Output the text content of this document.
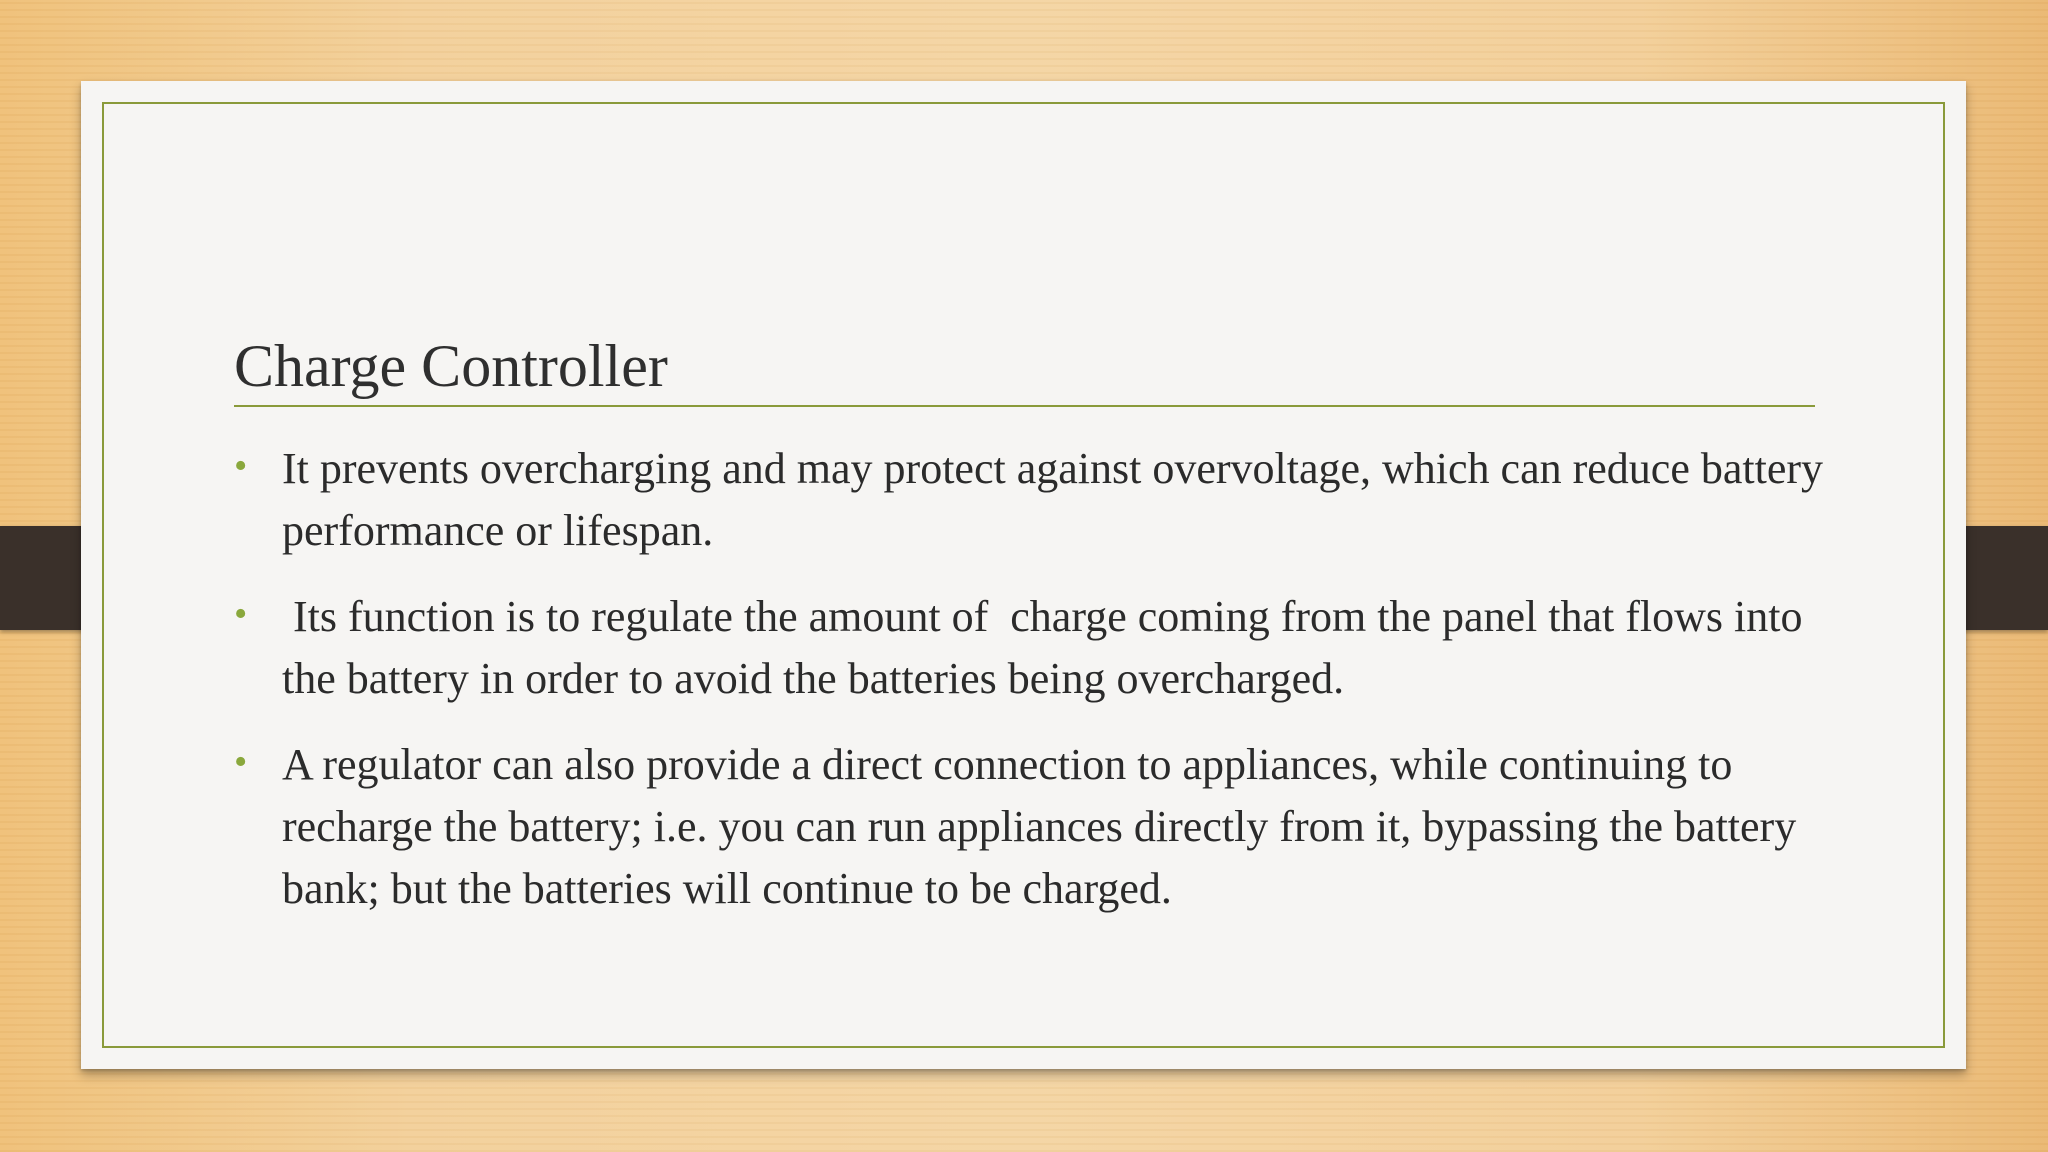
Charge Controller
• It prevents overcharging and may protect against overvoltage, which can reduce battery performance or lifespan.
• Its function is to regulate the amount of  charge coming from the panel that flows into the battery in order to avoid the batteries being overcharged.
• A regulator can also provide a direct connection to appliances, while continuing to recharge the battery; i.e. you can run appliances directly from it, bypassing the battery bank; but the batteries will continue to be charged.
